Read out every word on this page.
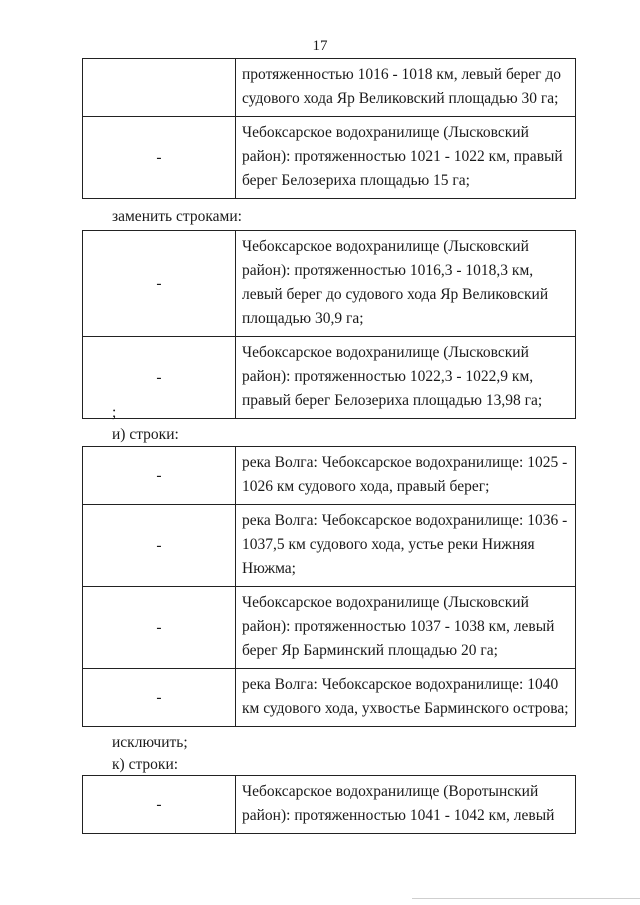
17
	протяженностью 1016 - 1018 км, левый берег до судового хода Яр Великовский площадью 30 га;
-	Чебоксарское водохранилище (Лысковский район): протяженностью 1021 - 1022 км, правый берег Белозериха площадью 15 га;
заменить строками:
-	Чебоксарское водохранилище (Лысковский район): протяженностью 1016,3 - 1018,3 км, левый берег до судового хода Яр Великовский площадью 30,9 га;
-	Чебоксарское водохранилище (Лысковский район): протяженностью 1022,3 - 1022,9 км, правый берег Белозериха площадью 13,98 га;
;
и) строки:
-	река Волга: Чебоксарское водохранилище: 1025 - 1026 км судового хода, правый берег;
-	река Волга: Чебоксарское водохранилище: 1036 - 1037,5 км судового хода, устье реки Нижняя Нюжма;
-	Чебоксарское водохранилище (Лысковский район): протяженностью 1037 - 1038 км, левый берег Яр Барминский площадью 20 га;
-	река Волга: Чебоксарское водохранилище: 1040 км судового хода, ухвостье Барминского острова;
исключить;
к) строки:
-	Чебоксарское водохранилище (Воротынский район): протяженностью 1041 - 1042 км, левый
